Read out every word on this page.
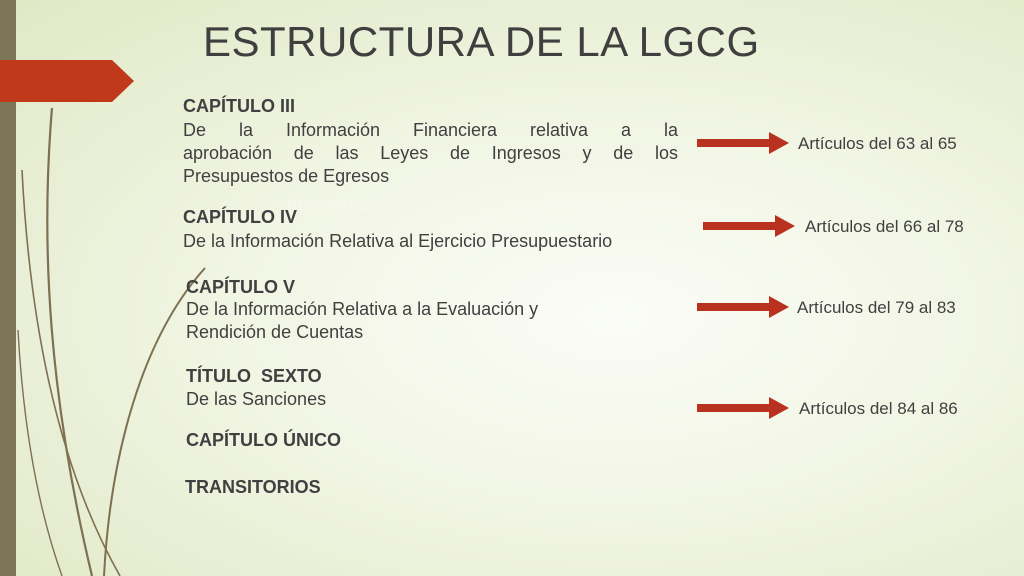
ESTRUCTURA DE LA LGCG
REFORMAS
CAPÍTULO III
De la Información Financiera relativa a la
aprobación de las Leyes de Ingresos y de los
Presupuestos de Egresos
CAPÍTULO IV
De la Información Relativa al Ejercicio Presupuestario
CAPÍTULO V
De la Información Relativa a la Evaluación y
Rendición de Cuentas
TÍTULO  SEXTO
De las Sanciones
CAPÍTULO ÚNICO
TRANSITORIOS
Artículos del 63 al 65
Artículos del 66 al 78
Artículos del 79 al 83
Artículos del 84 al 86
